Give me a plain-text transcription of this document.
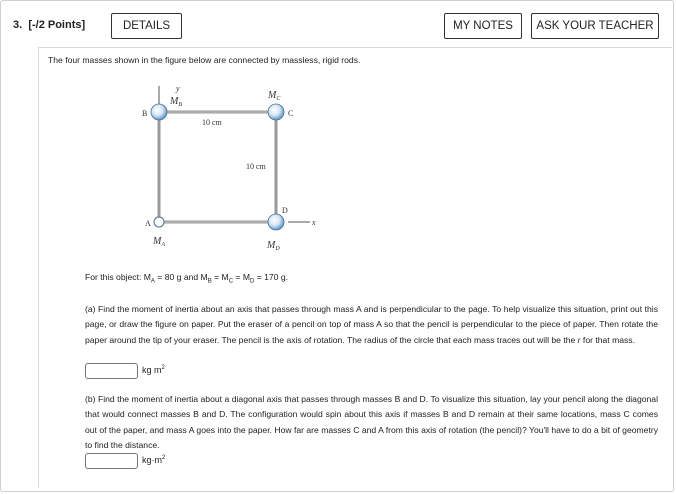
3. [-/2 Points]	DETAILS	MY NOTES	ASK YOUR TEACHER
The four masses shown in the figure below are connected by massless, rigid rods.
y
x
B	C
A
D
$M_B$
$M_C$
$M_A$	$M_D$
10 cm
10 cm
For this object: $M_A = 80$ g and $M_B = M_C = M_D = 170$ g.

(a) Find the moment of inertia about an axis that passes through mass A and is perpendicular to the page. To help visualize this situation, print out this page, or draw the figure on paper. Put the eraser of a pencil on top of mass A so that the pencil is perpendicular to the piece of paper. Then rotate the paper around the tip of your eraser. The pencil is the axis of rotation. The radius of the circle that each mass traces out will be the r for that mass.

kg $m^2$

(b) Find the moment of inertia about a diagonal axis that passes through masses B and D. To visualize this situation, lay your pencil along the diagonal that would connect masses B and D. The configuration would spin about this axis if masses B and D remain at their same locations, mass C comes out of the paper, and mass A goes into the paper. How far are masses C and A from this axis of rotation (the pencil)? You'll have to do a bit of geometry to find the distance.

$kg\cdot m^2$
